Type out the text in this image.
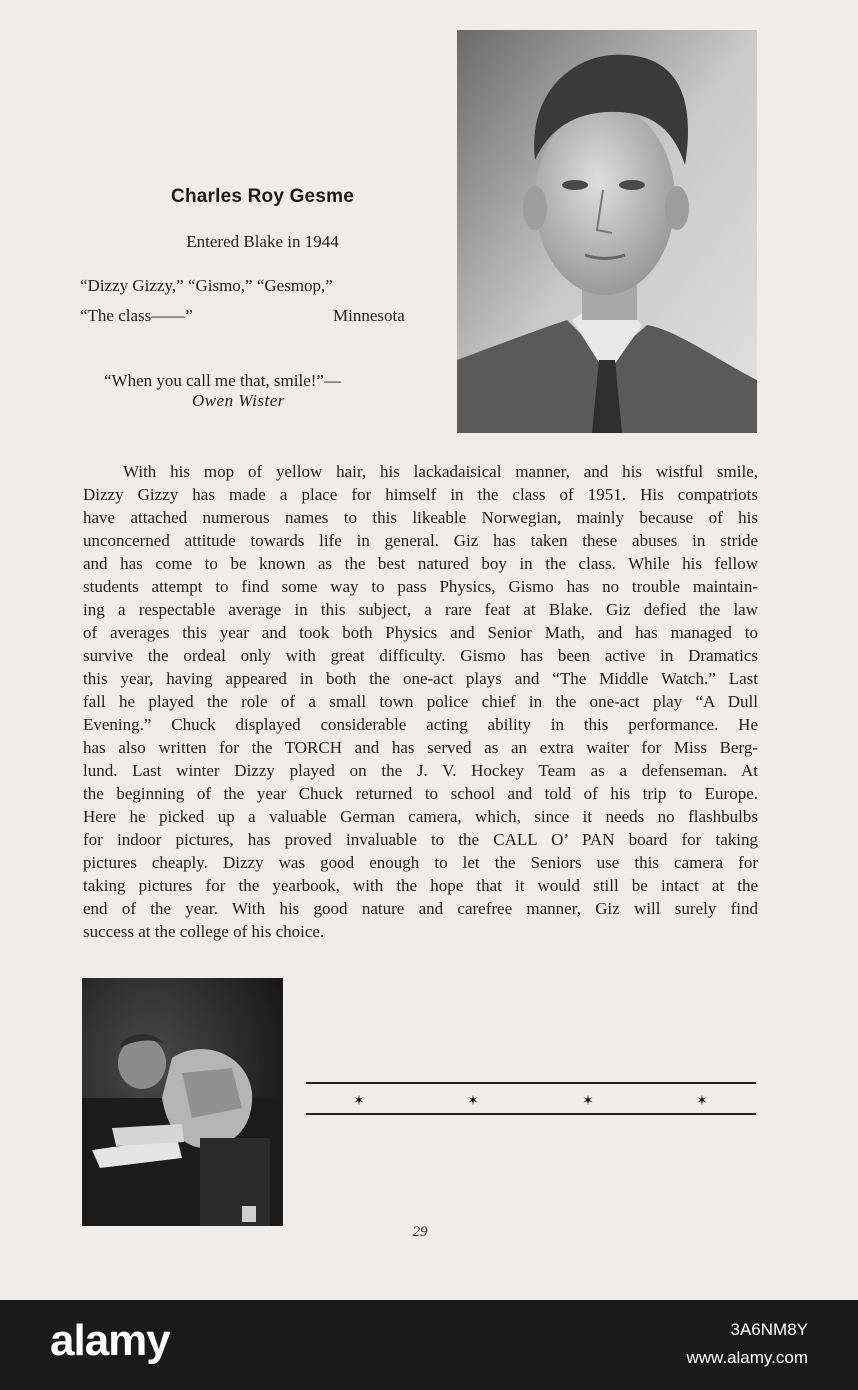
Charles Roy Gesme
Entered Blake in 1944
“Dizzy Gizzy,” “Gismo,” “Gesmop,”
“The class——”	Minnesota
“When you call me that, smile!”—
Owen Wister
With his mop of yellow hair, his lackadaisical manner, and his wistful smile,
Dizzy Gizzy has made a place for himself in the class of 1951. His compatriots
have attached numerous names to this likeable Norwegian, mainly because of his
unconcerned attitude towards life in general. Giz has taken these abuses in stride
and has come to be known as the best natured boy in the class. While his fellow
students attempt to find some way to pass Physics, Gismo has no trouble maintain-
ing a respectable average in this subject, a rare feat at Blake. Giz defied the law
of averages this year and took both Physics and Senior Math, and has managed to
survive the ordeal only with great difficulty. Gismo has been active in Dramatics
this year, having appeared in both the one-act plays and “The Middle Watch.” Last
fall he played the role of a small town police chief in the one-act play “A Dull
Evening.” Chuck displayed considerable acting ability in this performance. He
has also written for the TORCH and has served as an extra waiter for Miss Berg-
lund. Last winter Dizzy played on the J. V. Hockey Team as a defenseman. At
the beginning of the year Chuck returned to school and told of his trip to Europe.
Here he picked up a valuable German camera, which, since it needs no flashbulbs
for indoor pictures, has proved invaluable to the CALL O’ PAN board for taking
pictures cheaply. Dizzy was good enough to let the Seniors use this camera for
taking pictures for the yearbook, with the hope that it would still be intact at the
end of the year. With his good nature and carefree manner, Giz will surely find
success at the college of his choice.
✶	✶	✶	✶
29
alamy	3A6NM8Y
www.alamy.com
